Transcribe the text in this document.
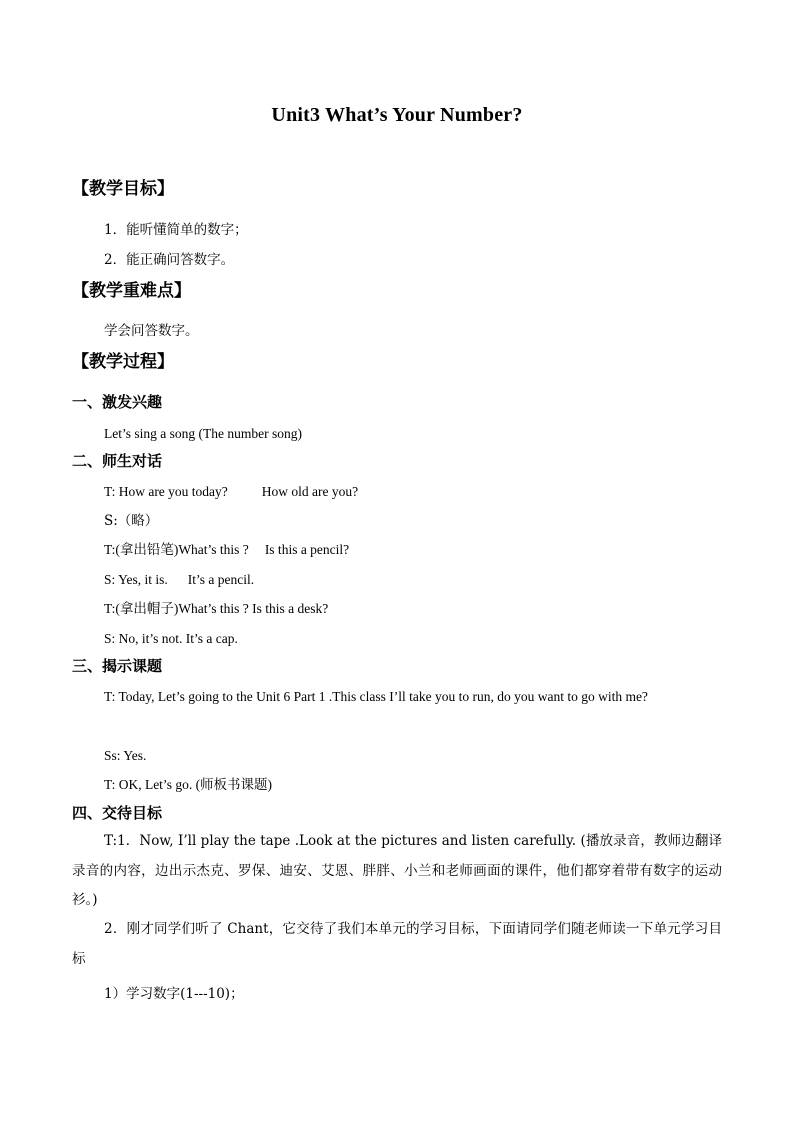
Unit3 What’s Your Number?
【教学目标】
1．能听懂简单的数字；
2．能正确问答数字。
【教学重难点】
学会问答数字。
【教学过程】
一、激发兴趣
Let’s sing a song (The number song)
二、师生对话
T: How are you today?	How old are you?
S:（略）
T:(拿出铅笔)What’s this ? Is this a pencil?
S: Yes, it is. It’s a pencil.
T:(拿出帽子)What’s this ? Is this a desk?
S: No, it’s not. It’s a cap.
三、揭示课题
T: Today, Let’s going to the Unit 6 Part 1 .This class I’ll take you to run, do you want to go with me?
Ss: Yes.
T: OK, Let’s go. (师板书课题)
四、交待目标
T:1．Now, I’ll play the tape .Look at the pictures and listen carefully. (播放录音，教师边翻译录音的内容，边出示杰克、罗保、迪安、艾恩、胖胖、小兰和老师画面的课件，他们都穿着带有数字的运动衫。)
2．刚才同学们听了 Chant，它交待了我们本单元的学习目标，下面请同学们随老师读一下单元学习目标
1）学习数字(1---10)；
